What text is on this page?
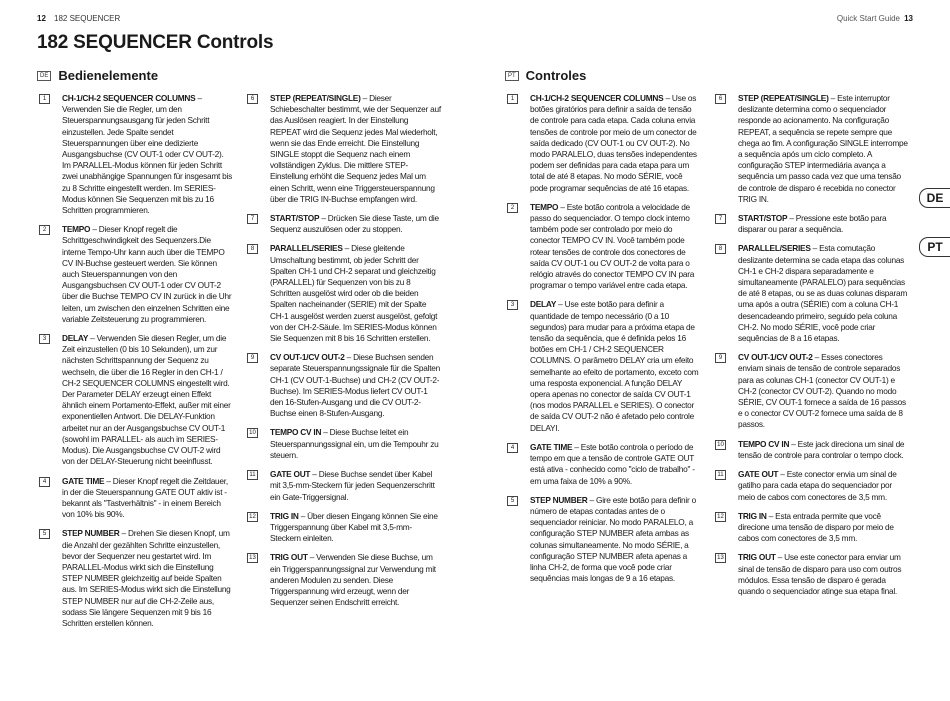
12 182 SEQUENCER	Quick Start Guide 13
182 SEQUENCER Controls
DE Bedienelemente	PT Controles
1	CH-1/CH-2 SEQUENCER COLUMNS – Verwenden Sie die Regler, um den Steuerspannungsausgang für jeden Schritt einzustellen. Jede Spalte sendet Steuerspannungen über eine dedizierte Ausgangsbuchse (CV OUT-1 oder CV OUT-2). Im PARALLEL-Modus können für jeden Schritt zwei unabhängige Spannungen für insgesamt bis zu 8 Schritte eingestellt werden. Im SERIES-Modus können Sie Sequenzen mit bis zu 16 Schritten programmieren.
2	TEMPO – Dieser Knopf regelt die Schrittgeschwindigkeit des Sequenzers.Die interne Tempo-Uhr kann auch über die TEMPO CV IN-Buchse gesteuert werden. Sie können auch Steuerspannungen von den Ausgangsbuchsen CV OUT-1 oder CV OUT-2 über die Buchse TEMPO CV IN zurück in die Uhr leiten, um zwischen den einzelnen Schritten eine variable Zeitsteuerung zu programmieren.
3	DELAY – Verwenden Sie diesen Regler, um die Zeit einzustellen (0 bis 10 Sekunden), um zur nächsten Schrittspannung der Sequenz zu wechseln, die über die 16 Regler in den CH-1 / CH-2 SEQUENCER COLUMNS eingestellt wird. Der Parameter DELAY erzeugt einen Effekt ähnlich einem Portamento-Effekt, außer mit einer exponentiellen Antwort. Die DELAY-Funktion arbeitet nur an der Ausgangsbuchse CV OUT-1 (sowohl im PARALLEL- als auch im SERIES-Modus). Die Ausgangsbuchse CV OUT-2 wird von der DELAY-Steuerung nicht beeinflusst.
4	GATE TIME – Dieser Knopf regelt die Zeitdauer, in der die Steuerspannung GATE OUT aktiv ist - bekannt als "Tastverhältnis" - in einem Bereich von 10% bis 90%.
5	STEP NUMBER – Drehen Sie diesen Knopf, um die Anzahl der gezählten Schritte einzustellen, bevor der Sequenzer neu gestartet wird. Im PARALLEL-Modus wirkt sich die Einstellung STEP NUMBER gleichzeitig auf beide Spalten aus. Im SERIES-Modus wirkt sich die Einstellung STEP NUMBER nur auf die CH-2-Zeile aus, sodass Sie längere Sequenzen mit 9 bis 16 Schritten erstellen können.
6	STEP (REPEAT/SINGLE) – Dieser Schiebeschalter bestimmt, wie der Sequenzer auf das Auslösen reagiert. In der Einstellung REPEAT wird die Sequenz jedes Mal wiederholt, wenn sie das Ende erreicht. Die Einstellung SINGLE stoppt die Sequenz nach einem vollständigen Zyklus. Die mittlere STEP-Einstellung erhöht die Sequenz jedes Mal um einen Schritt, wenn eine Triggersteuerspannung über die TRIG IN-Buchse empfangen wird.
7	START/STOP – Drücken Sie diese Taste, um die Sequenz auszulösen oder zu stoppen.
8	PARALLEL/SERIES – Diese gleitende Umschaltung bestimmt, ob jeder Schritt der Spalten CH-1 und CH-2 separat und gleichzeitig (PARALLEL) für Sequenzen von bis zu 8 Schritten ausgelöst wird oder ob die beiden Spalten nacheinander (SERIE) mit der Spalte CH-1 ausgelöst werden zuerst ausgelöst, gefolgt von der CH-2-Säule. Im SERIES-Modus können Sie Sequenzen mit 8 bis 16 Schritten erstellen.
9	CV OUT-1/CV OUT-2 – Diese Buchsen senden separate Steuerspannungssignale für die Spalten CH-1 (CV OUT-1-Buchse) und CH-2 (CV OUT-2-Buchse). Im SERIES-Modus liefert CV OUT-1 den 16-Stufen-Ausgang und die CV OUT-2-Buchse einen 8-Stufen-Ausgang.
10 TEMPO CV IN – Diese Buchse leitet ein Steuerspannungssignal ein, um die Tempouhr zu steuern.
11 GATE OUT – Diese Buchse sendet über Kabel mit 3,5-mm-Steckern für jeden Sequenzerschritt ein Gate-Triggersignal.
12 TRIG IN – Über diesen Eingang können Sie eine Triggerspannung über Kabel mit 3,5-mm-Steckern einleiten.
13 TRIG OUT – Verwenden Sie diese Buchse, um ein Triggerspannungssignal zur Verwendung mit anderen Modulen zu senden. Diese Triggerspannung wird erzeugt, wenn der Sequenzer seinen Endschritt erreicht.
1	CH-1/CH-2 SEQUENCER COLUMNS – Use os botões giratórios para definir a saída de tensão de controle para cada etapa. Cada coluna envia tensões de controle por meio de um conector de saída dedicado (CV OUT-1 ou CV OUT-2). No modo PARALELO, duas tensões independentes podem ser definidas para cada etapa para um total de até 8 etapas. No modo SÉRIE, você pode programar sequências de até 16 etapas.
2	TEMPO – Este botão controla a velocidade de passo do sequenciador. O tempo clock interno também pode ser controlado por meio do conector TEMPO CV IN. Você também pode rotear tensões de controle dos conectores de saída CV OUT-1 ou CV OUT-2 de volta para o relógio através do conector TEMPO CV IN para programar o tempo variável entre cada etapa.
3	DELAY – Use este botão para definir a quantidade de tempo necessário (0 a 10 segundos) para mudar para a próxima etapa de tensão da sequência, que é definida pelos 16 botões em CH-1 / CH-2 SEQUENCER COLUMNS. O parâmetro DELAY cria um efeito semelhante ao efeito de portamento, exceto com uma resposta exponencial. A função DELAY opera apenas no conector de saída CV OUT-1 (nos modos PARALLEL e SERIES). O conector de saída CV OUT-2 não é afetado pelo controle DELAYI.
4	GATE TIME – Este botão controla o período de tempo em que a tensão de controle GATE OUT está ativa - conhecido como "ciclo de trabalho" - em uma faixa de 10% a 90%.
5	STEP NUMBER – Gire este botão para definir o número de etapas contadas antes de o sequenciador reiniciar. No modo PARALELO, a configuração STEP NUMBER afeta ambas as colunas simultaneamente. No modo SÉRIE, a configuração STEP NUMBER afeta apenas a linha CH-2, de forma que você pode criar sequências mais longas de 9 a 16 etapas.
6	STEP (REPEAT/SINGLE) – Este interruptor deslizante determina como o sequenciador responde ao acionamento. Na configuração REPEAT, a sequência se repete sempre que chega ao fim. A configuração SINGLE interrompe a sequência após um ciclo completo. A configuração STEP intermediária avança a sequência um passo cada vez que uma tensão de controle de disparo é recebida no conector TRIG IN.
7	START/STOP – Pressione este botão para disparar ou parar a sequência.
8	PARALLEL/SERIES – Esta comutação deslizante determina se cada etapa das colunas CH-1 e CH-2 dispara separadamente e simultaneamente (PARALELO) para sequências de até 8 etapas, ou se as duas colunas disparam uma após a outra (SÉRIE) com a coluna CH-1 desencadeando primeiro, seguido pela coluna CH-2. No modo SÉRIE, você pode criar sequências de 8 a 16 etapas.
9	CV OUT-1/CV OUT-2 – Esses conectores enviam sinais de tensão de controle separados para as colunas CH-1 (conector CV OUT-1) e CH-2 (conector CV OUT-2). Quando no modo SÉRIE, CV OUT-1 fornece a saída de 16 passos e o conector CV OUT-2 fornece uma saída de 8 passos.
10 TEMPO CV IN – Este jack direciona um sinal de tensão de controle para controlar o tempo clock.
11 GATE OUT – Este conector envia um sinal de gatilho para cada etapa do sequenciador por meio de cabos com conectores de 3,5 mm.
12 TRIG IN – Esta entrada permite que você direcione uma tensão de disparo por meio de cabos com conectores de 3,5 mm.
13 TRIG OUT – Use este conector para enviar um sinal de tensão de disparo para uso com outros módulos. Essa tensão de disparo é gerada quando o sequenciador atinge sua etapa final.
DE
PT
